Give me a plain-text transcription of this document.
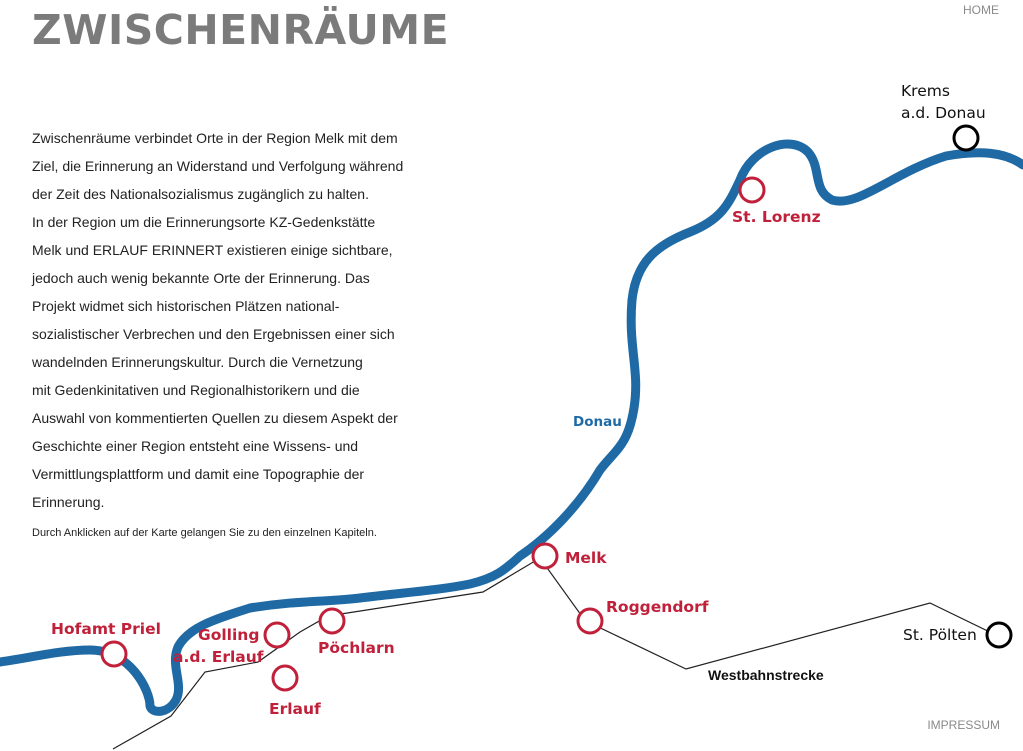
ZWISCHENRÄUME	HOME
Zwischenräume verbindet Orte in der Region Melk mit dem
Ziel, die Erinnerung an Widerstand und Verfolgung während
der Zeit des Nationalsozialismus zugänglich zu halten.
In der Region um die Erinnerungsorte KZ-Gedenkstätte
Melk und ERLAUF ERINNERT existieren einige sichtbare,
jedoch auch wenig bekannte Orte der Erinnerung. Das
Projekt widmet sich historischen Plätzen national-
sozialistischer Verbrechen und den Ergebnissen einer sich
wandelnden Erinnerungskultur. Durch die Vernetzung
mit Gedenkinitativen und Regionalhistorikern und die
Auswahl von kommentierten Quellen zu diesem Aspekt der
Geschichte einer Region entsteht eine Wissens- und
Vermittlungsplattform und damit eine Topographie der
Erinnerung.
Durch Anklicken auf der Karte gelangen Sie zu den einzelnen Kapiteln.
Donau
Westbahnstrecke
Krems
a.d. Donau
St. Lorenz
Melk
Roggendorf
Pöchlarn
Golling
a.d. Erlauf
Erlauf
Hofamt Priel	St. Pölten
IMPRESSUM
